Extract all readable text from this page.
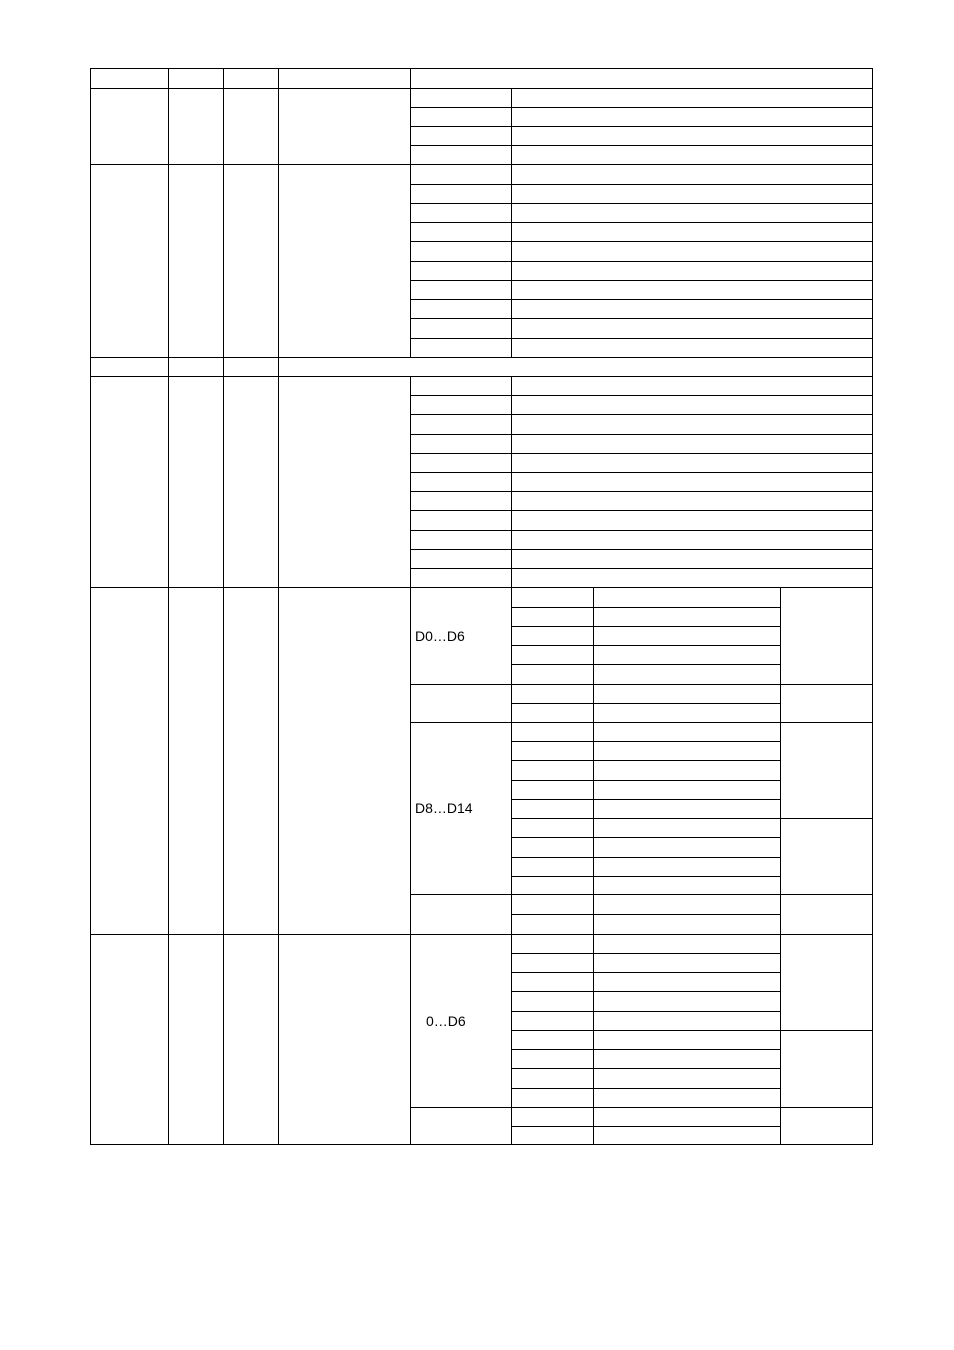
D0…D6
D8…D14
0…D6
